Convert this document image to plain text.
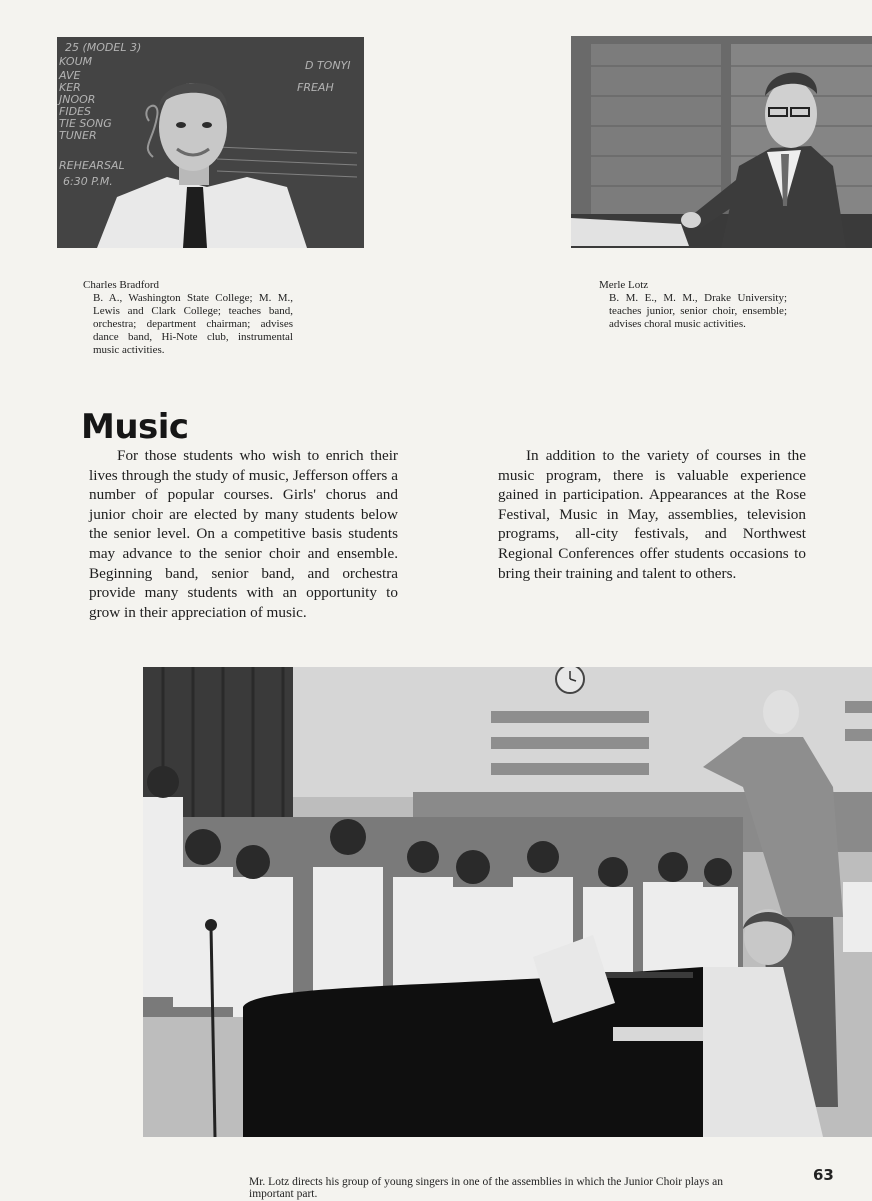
25 (MODEL 3)
KOUM
AVE
KER
JNOOR
FIDES
TIE SONG
TUNER
REHEARSAL
6:30 P.M.
D TONYI
FREAH
Charles Bradford
B. A., Washington State College; M. M., Lewis and Clark College; teaches band, orchestra; department chairman; advises dance band, Hi-Note club, instrumental music activities.
Merle Lotz
B. M. E., M. M., Drake University; teaches junior, senior choir, ensemble; advises choral music activities.
Music

For those students who wish to enrich their lives through the study of music, Jefferson offers a number of popular courses. Girls' chorus and junior choir are elected by many students below the senior level. On a competitive basis students may advance to the senior choir and ensemble. Beginning band, senior band, and orchestra provide many students with an opportunity to grow in their appreciation of music.

In addition to the variety of courses in the music program, there is valuable experience gained in participation. Appearances at the Rose Festival, Music in May, assemblies, television programs, all-city festivals, and Northwest Regional Conferences offer students occasions to bring their training and talent to others.

Mr. Lotz directs his group of young singers in one of the assemblies in which the Junior Choir plays an important part.

63
